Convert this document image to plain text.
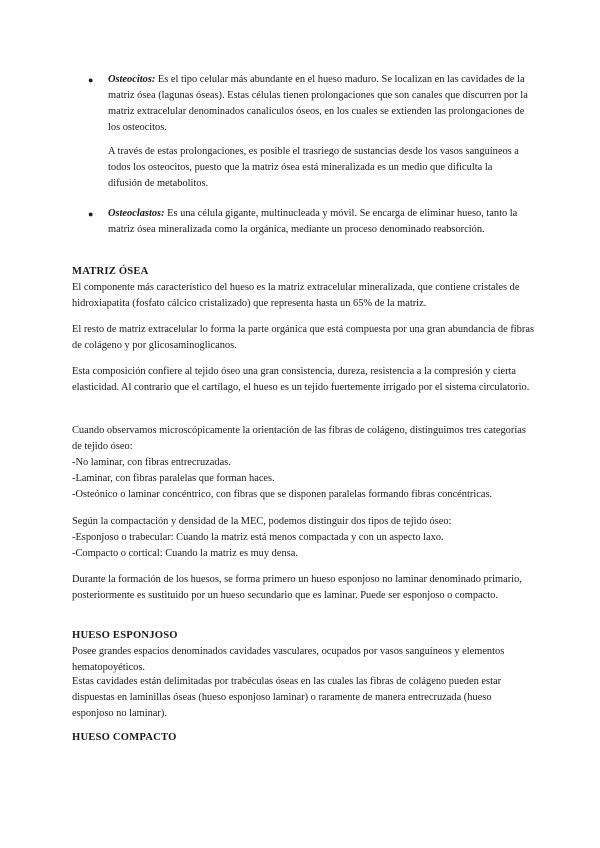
● Osteocitos: Es el tipo celular más abundante en el hueso maduro. Se localizan en las cavidades de la matriz ósea (lagunas óseas). Estas células tienen prolongaciones que son canales que discurren por la matriz extracelular denominados canalículos óseos, en los cuales se extienden las prolongaciones de los osteocitos.

A través de estas prolongaciones, es posible el trasriego de sustancias desde los vasos sanguíneos a todos los osteocitos, puesto que la matriz ósea está mineralizada es un medio que dificulta la difusión de metabolitos.
● Osteoclastos: Es una célula gigante, multinucleada y móvil. Se encarga de eliminar hueso, tanto la matriz ósea mineralizada como la orgánica, mediante un proceso denominado reabsorción.

MATRIZ ÓSEA
El componente más característico del hueso es la matriz extracelular mineralizada, que contiene cristales de hidroxiapatita (fosfato cálcico cristalizado) que representa hasta un 65% de la matriz.
El resto de matriz extracelular lo forma la parte orgánica que está compuesta por una gran abundancia de fibras de colágeno y por glicosaminoglicanos.
Esta composición confiere al tejido óseo una gran consistencia, dureza, resistencia a la compresión y cierta elasticidad. Al contrario que el cartílago, el hueso es un tejido fuertemente irrigado por el sistema circulatorio.

Cuando observamos microscópicamente la orientación de las fibras de colágeno, distinguimos tres categorías de tejido óseo:

-No laminar, con fibras entrecruzadas.

-Laminar, con fibras paralelas que forman haces.

-Osteónico o laminar concéntrico, con fibras que se disponen paralelas formando fibras concéntricas.

Según la compactación y densidad de la MEC, podemos distinguir dos tipos de tejido óseo:

-Esponjoso o trabecular: Cuando la matriz está menos compactada y con un aspecto laxo.

-Compacto o cortical: Cuando la matriz es muy densa.

Durante la formación de los huesos, se forma primero un hueso esponjoso no laminar denominado primario, posteriormente es sustituido por un hueso secundario que es laminar. Puede ser esponjoso o compacto.
HUESO ESPONJOSO
Posee grandes espacios denominados cavidades vasculares, ocupados por vasos sanguíneos y elementos hematopoyéticos.
Estas cavidades están delimitadas por trabéculas óseas en las cuales las fibras de colágeno pueden estar dispuestas en laminillas óseas (hueso esponjoso laminar) o raramente de manera entrecruzada (hueso esponjoso no laminar).
HUESO COMPACTO
